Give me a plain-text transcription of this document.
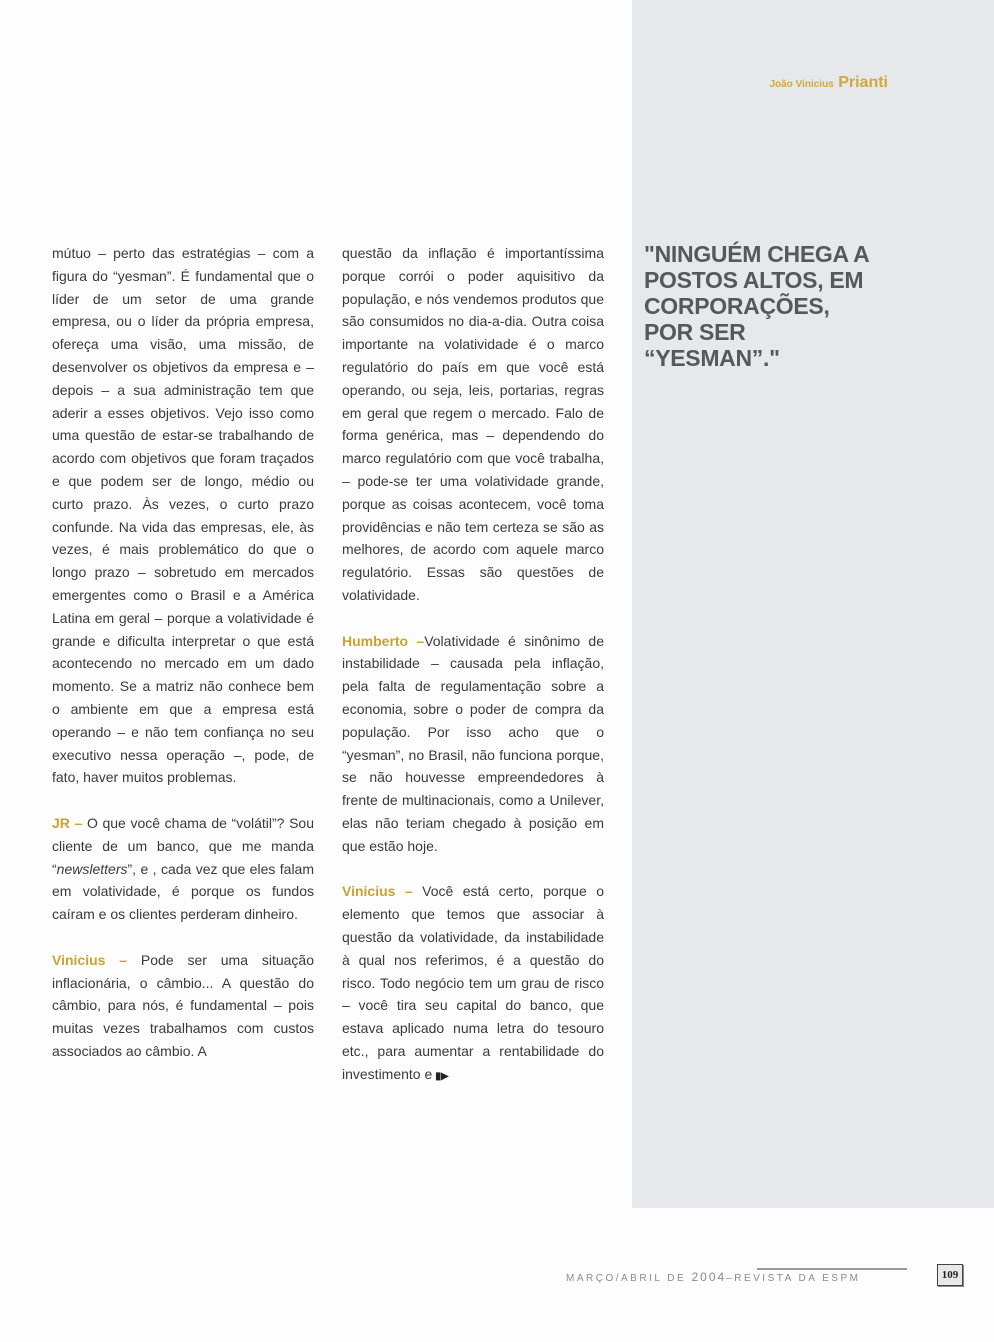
João Vinicius Prianti
"NINGUÉM CHEGA A POSTOS ALTOS, EM CORPORAÇÕES, POR SER “YESMAN”."

mútuo – perto das estratégias – com a figura do “yesman”. É fundamental que o líder de um setor de uma grande empresa, ou o líder da própria empresa, ofereça uma visão, uma missão, de desenvolver os objetivos da empresa e – depois – a sua administração tem que aderir a esses objetivos. Vejo isso como uma questão de estar-se trabalhando de acordo com objetivos que foram traçados e que podem ser de longo, médio ou curto prazo. Às vezes, o curto prazo confunde. Na vida das empresas, ele, às vezes, é mais problemático do que o longo prazo – sobretudo em mercados emergentes como o Brasil e a América Latina em geral – porque a volatividade é grande e dificulta interpretar o que está acontecendo no mercado em um dado momento. Se a matriz não conhece bem o ambiente em que a empresa está operando – e não tem confiança no seu executivo nessa operação –, pode, de fato, haver muitos problemas.

JR – O que você chama de “volátil”? Sou cliente de um banco, que me manda “newsletters”, e , cada vez que eles falam em volatividade, é porque os fundos caíram e os clientes perderam dinheiro.

Vinicius – Pode ser uma situação inflacionária, o câmbio... A questão do câmbio, para nós, é fundamental – pois muitas vezes trabalhamos com custos associados ao câmbio. A

questão da inflação é importantíssima porque corrói o poder aquisitivo da população, e nós vendemos produtos que são consumidos no dia-a-dia. Outra coisa importante na volatividade é o marco regulatório do país em que você está operando, ou seja, leis, portarias, regras em geral que regem o mercado. Falo de forma genérica, mas – dependendo do marco regulatório com que você trabalha, – pode-se ter uma volatividade grande, porque as coisas acontecem, você toma providências e não tem certeza se são as melhores, de acordo com aquele marco regulatório. Essas são questões de volatividade.

Humberto –Volatividade é sinônimo de instabilidade – causada pela inflação, pela falta de regulamentação sobre a economia, sobre o poder de compra da população. Por isso acho que o “yesman”, no Brasil, não funciona porque, se não houvesse empreendedores à frente de multinacionais, como a Unilever, elas não teriam chegado à posição em que estão hoje.

Vinicius – Você está certo, porque o elemento que temos que associar à questão da volatividade, da instabilidade à qual nos referimos, é a questão do risco. Todo negócio tem um grau de risco – você tira seu capital do banco, que estava aplicado numa letra do tesouro etc., para aumentar a rentabilidade do investimento e ▮▶

MARÇO/ABRIL DE 2004–REVISTA DA ESPM	109
